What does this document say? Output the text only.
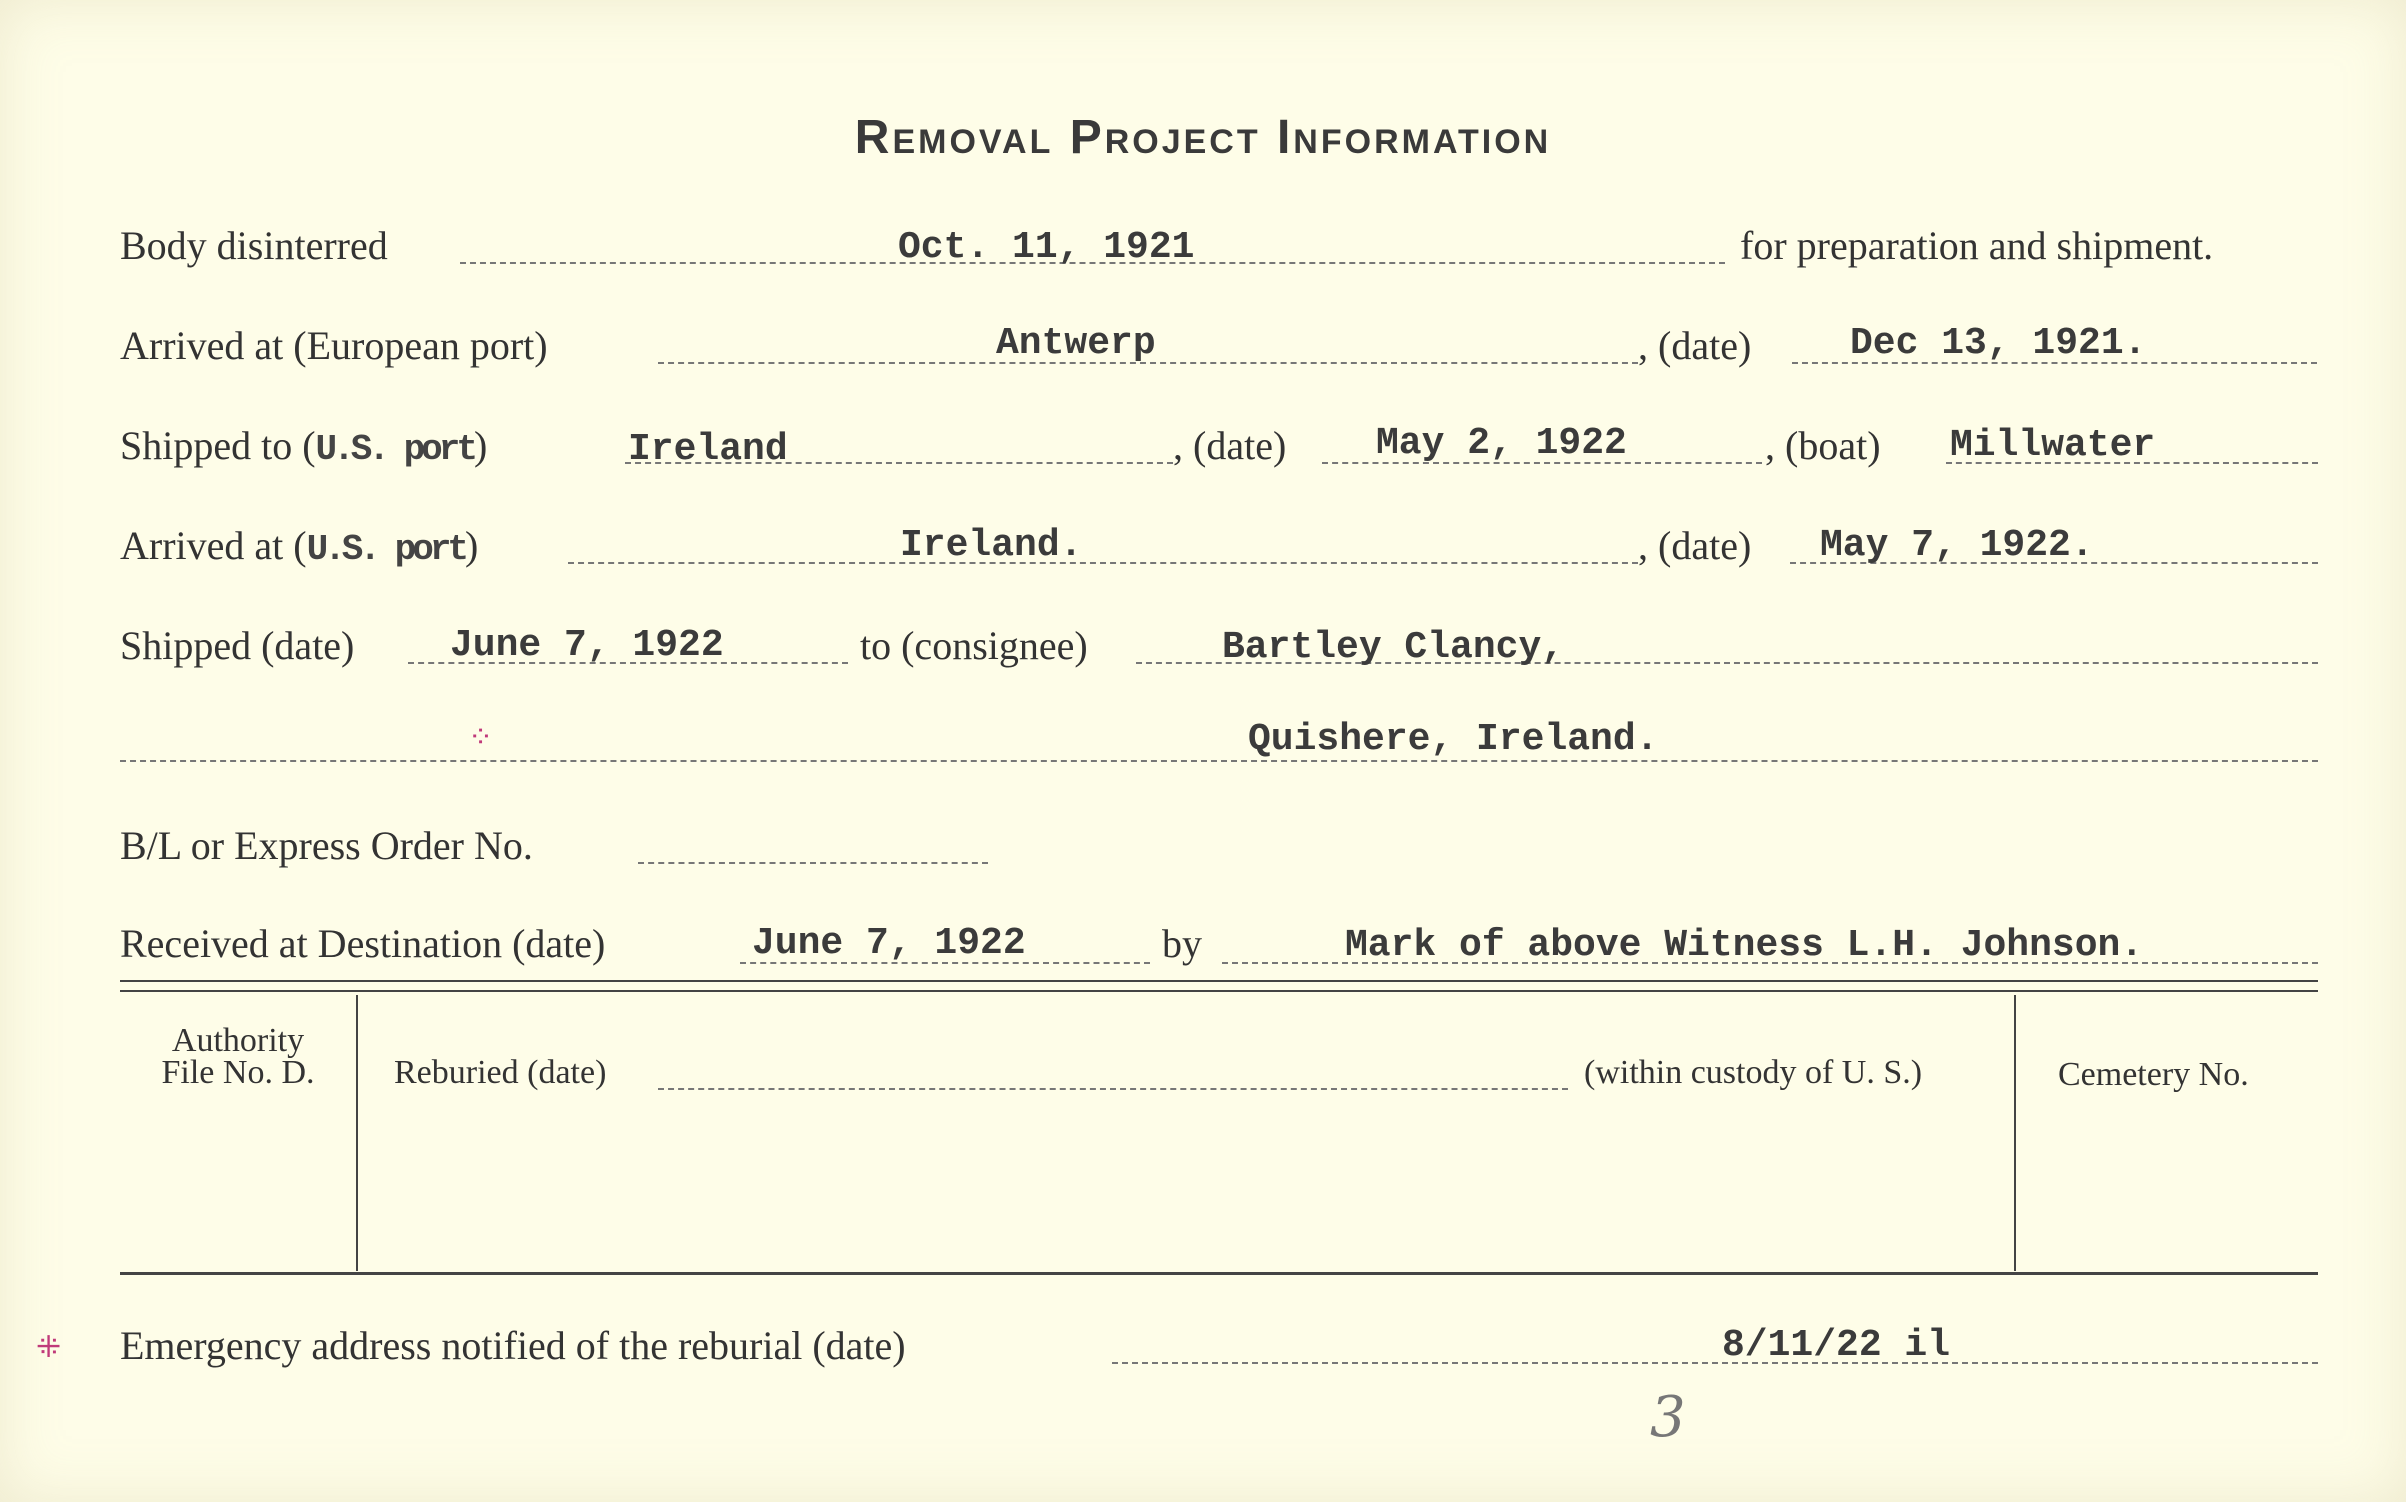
Removal Project Information
Body disinterred	Oct. 11, 1921	for preparation and shipment.
Arrived at (European port)	Antwerp	, (date)	Dec 13, 1921.
Shipped to (U.S. port)	Ireland	, (date) May 2, 1922	, (boat) Millwater
Arrived at (U.S. port)	Ireland.	, (date) May 7, 1922.
Shipped (date)	June 7, 1922	to (consignee)	Bartley Clancy,
Quishere, Ireland.
⁘
B/L or Express Order No.
Received at Destination (date)	June 7, 1922	by	Mark of above Witness L.H. Johnson.
Authority
File No. D.	Reburied (date)	(within custody of U. S.)	Cemetery No.
⁜ Emergency address notified of the reburial (date)	8/11/22 il
3
